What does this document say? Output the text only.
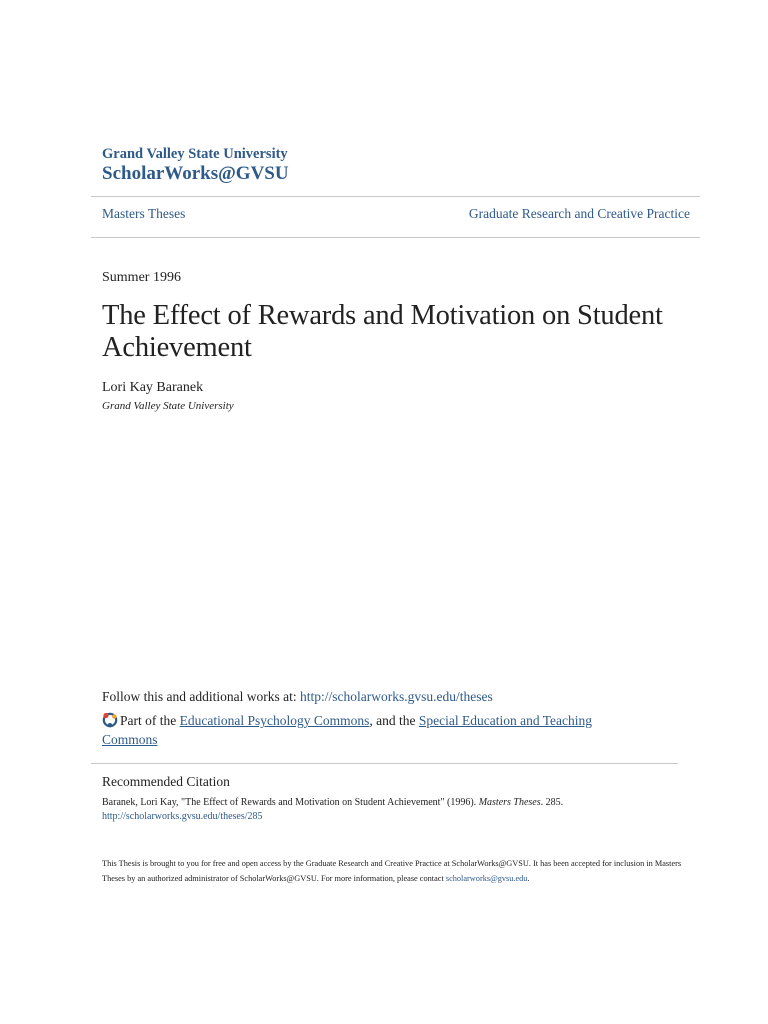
Grand Valley State University
ScholarWorks@GVSU
Masters Theses	Graduate Research and Creative Practice
Summer 1996
The Effect of Rewards and Motivation on Student Achievement
Lori Kay Baranek
Grand Valley State University
Follow this and additional works at: http://scholarworks.gvsu.edu/theses
Part of the Educational Psychology Commons, and the Special Education and Teaching Commons
Recommended Citation
Baranek, Lori Kay, "The Effect of Rewards and Motivation on Student Achievement" (1996). Masters Theses. 285.
http://scholarworks.gvsu.edu/theses/285
This Thesis is brought to you for free and open access by the Graduate Research and Creative Practice at ScholarWorks@GVSU. It has been accepted for inclusion in Masters Theses by an authorized administrator of ScholarWorks@GVSU. For more information, please contact scholarworks@gvsu.edu.
